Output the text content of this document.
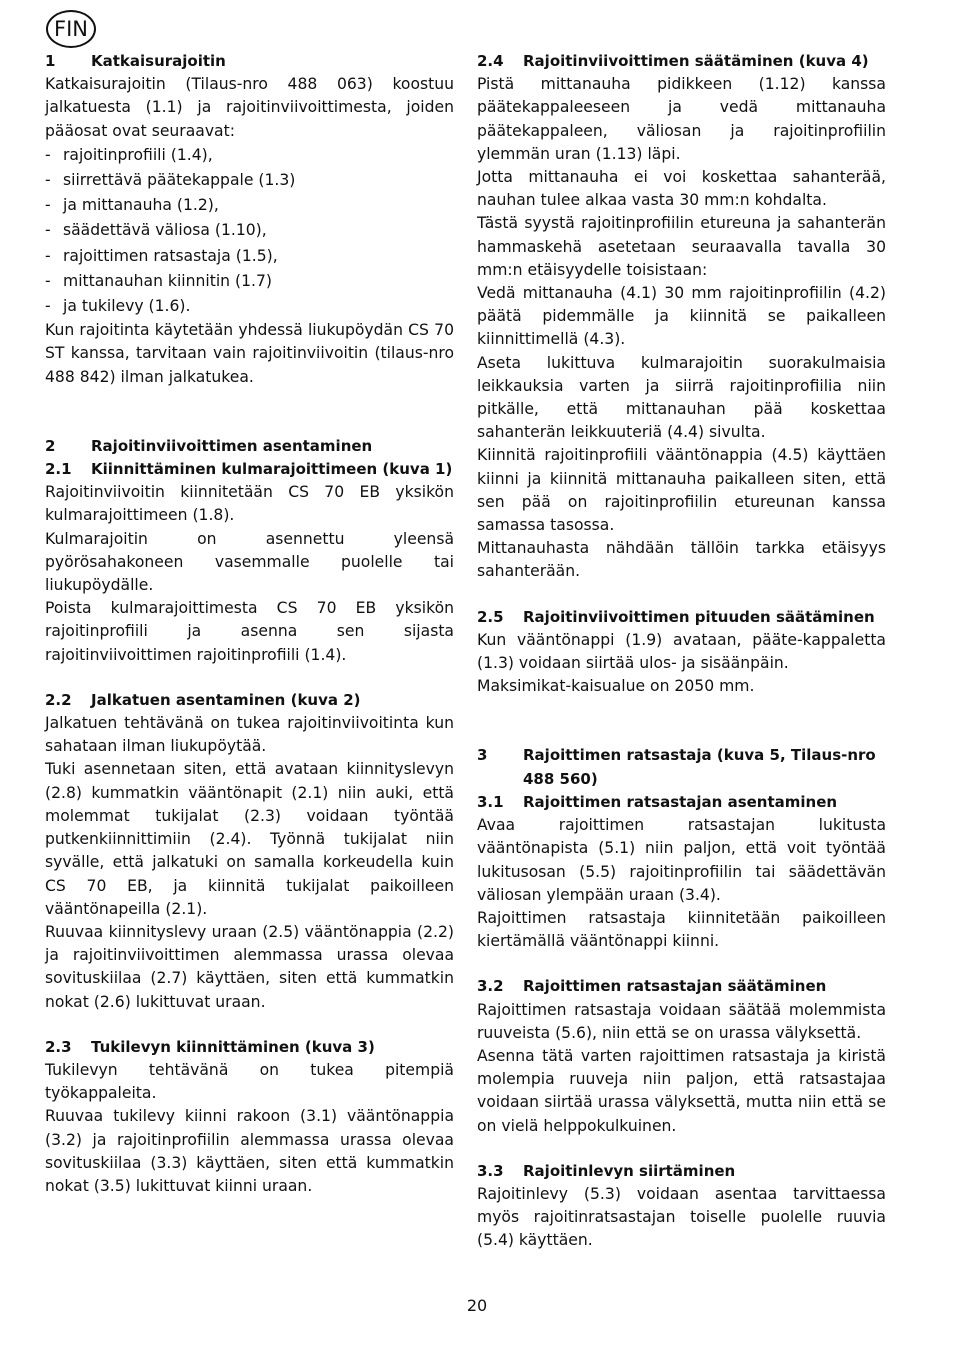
FIN
1	Katkaisurajoitin

Katkaisurajoitin (Tilaus-nro 488 063) koostuu jalkatuesta (1.1) ja rajoitinviivoittimesta, joiden pääosat ovat seuraavat:

- rajoitinprofiili (1.4),
- siirrettävä päätekappale (1.3)
- ja mittanauha (1.2),
- säädettävä väliosa (1.10),
- rajoittimen ratsastaja (1.5),
- mittanauhan kiinnitin (1.7)
- ja tukilevy (1.6).

Kun rajoitinta käytetään yhdessä liukupöydän CS 70 ST kanssa, tarvitaan vain rajoitinviivoitin (tilaus-nro 488 842) ilman jalkatukea.

2	Rajoitinviivoittimen asentaminen
2.1	Kiinnittäminen kulmarajoittimeen (kuva 1)

Rajoitinviivoitin kiinnitetään CS 70 EB yksikön kulmarajoittimeen (1.8).

Kulmarajoitin on asennettu yleensä pyörösahakoneen vasemmalle puolelle tai liukupöydälle.

Poista kulmarajoittimesta CS 70 EB yksikön rajoitinprofiili ja asenna sen sijasta rajoitinviivoittimen rajoitinprofiili (1.4).

2.2	Jalkatuen asentaminen (kuva 2)

Jalkatuen tehtävänä on tukea rajoitinviivoitinta kun sahataan ilman liukupöytää.

Tuki asennetaan siten, että avataan kiinnityslevyn (2.8) kummatkin vääntönapit (2.1) niin auki, että molemmat tukijalat (2.3) voidaan työntää putkenkiinnittimiin (2.4). Työnnä tukijalat niin syvälle, että jalkatuki on samalla korkeudella kuin CS 70 EB, ja kiinnitä tukijalat paikoilleen vääntönapeilla (2.1).

Ruuvaa kiinnityslevy uraan (2.5) vääntönappia (2.2) ja rajoitinviivoittimen alemmassa urassa olevaa sovituskiilaa (2.7) käyttäen, siten että kummatkin nokat (2.6) lukittuvat uraan.

2.3	Tukilevyn kiinnittäminen (kuva 3)

Tukilevyn tehtävänä on tukea pitempiä työkappaleita.

Ruuvaa tukilevy kiinni rakoon (3.1) vääntönappia (3.2) ja rajoitinprofiilin alemmassa urassa olevaa sovituskiilaa (3.3) käyttäen, siten että kummatkin nokat (3.5) lukittuvat kiinni uraan.

2.4	Rajoitinviivoittimen säätäminen (kuva 4)

Pistä mittanauha pidikkeen (1.12) kanssa päätekappaleeseen ja vedä mittanauha päätekappaleen, väliosan ja rajoitinprofiilin ylemmän uran (1.13) läpi.

Jotta mittanauha ei voi koskettaa sahanterää, nauhan tulee alkaa vasta 30 mm:n kohdalta.

Tästä syystä rajoitinprofiilin etureuna ja sahanterän hammaskehä asetetaan seuraavalla tavalla 30 mm:n etäisyydelle toisistaan:

Vedä mittanauha (4.1) 30 mm rajoitinprofiilin (4.2) päätä pidemmälle ja kiinnitä se paikalleen kiinnittimellä (4.3).

Aseta lukittuva kulmarajoitin suorakulmaisia leikkauksia varten ja siirrä rajoitinprofiilia niin pitkälle, että mittanauhan pää koskettaa sahanterän leikkuuteriä (4.4) sivulta.

Kiinnitä rajoitinprofiili vääntönappia (4.5) käyttäen kiinni ja kiinnitä mittanauha paikalleen siten, että sen pää on rajoitinprofiilin etureunan kanssa samassa tasossa.

Mittanauhasta nähdään tällöin tarkka etäisyys sahanterään.

2.5	Rajoitinviivoittimen pituuden säätäminen

Kun vääntönappi (1.9) avataan, pääte-kappaletta (1.3) voidaan siirtää ulos- ja sisäänpäin.

Maksimikat-kaisualue on 2050 mm.

3	Rajoittimen ratsastaja (kuva 5, Tilaus-nro 488 560)
3.1	Rajoittimen ratsastajan asentaminen

Avaa rajoittimen ratsastajan lukitusta vääntönapista (5.1) niin paljon, että voit työntää lukitusosan (5.5) rajoitinprofiilin tai säädettävän väliosan ylempään uraan (3.4).

Rajoittimen ratsastaja kiinnitetään paikoilleen kiertämällä vääntönappi kiinni.

3.2	Rajoittimen ratsastajan säätäminen

Rajoittimen ratsastaja voidaan säätää molemmista ruuveista (5.6), niin että se on urassa välyksettä.

Asenna tätä varten rajoittimen ratsastaja ja kiristä molempia ruuveja niin paljon, että ratsastajaa voidaan siirtää urassa välyksettä, mutta niin että se on vielä helppokulkuinen.

3.3	Rajoitinlevyn siirtäminen

Rajoitinlevy (5.3) voidaan asentaa tarvittaessa myös rajoitinratsastajan toiselle puolelle ruuvia (5.4) käyttäen.

20
